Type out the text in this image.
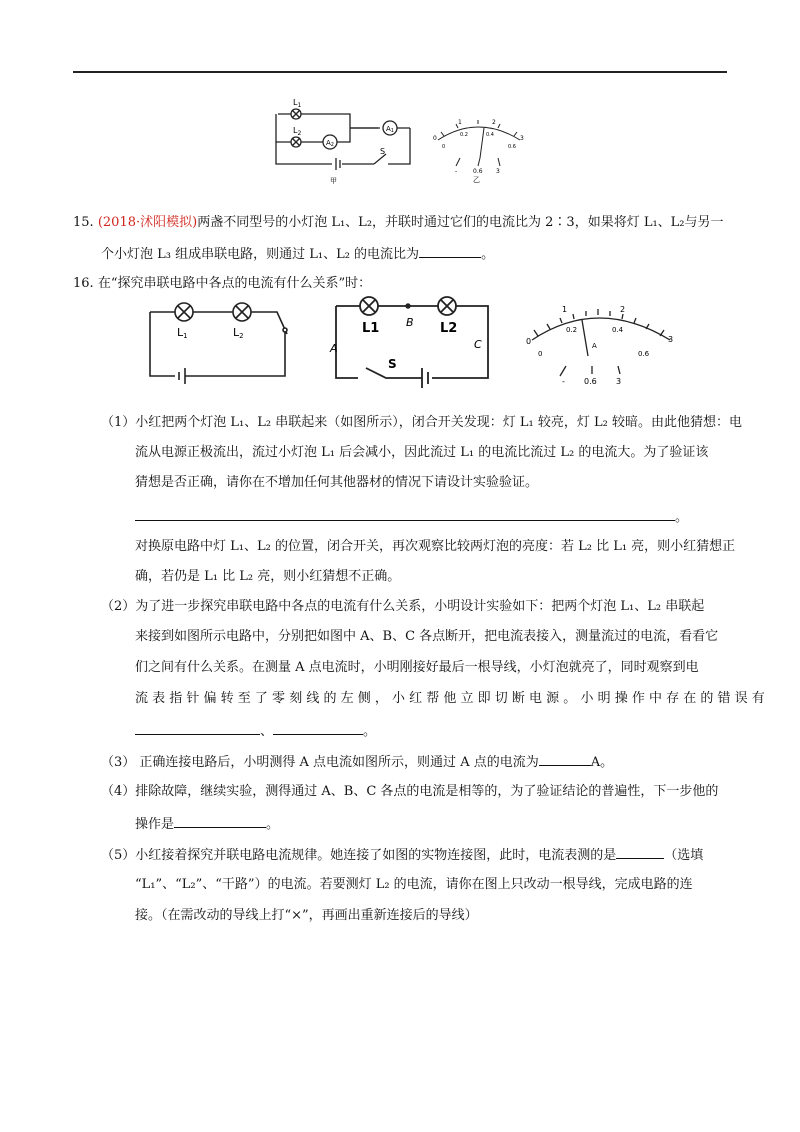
$L_1$
$L_2$
A2
A1
S
甲
0
1	2
3
0
0.2	0.4
0.6
-	0.6 3
乙
15. (2018·沭阳模拟)两盏不同型号的小灯泡 L₁、L₂，并联时通过它们的电流比为 2∶3，如果将灯 L₁、L₂与另一
个小灯泡 L₃ 组成串联电路，则通过 L₁、L₂ 的电流比为	。
16. 在“探究串联电路中各点的电流有什么关系”时：
L1	L2	L1	L2
B
A	C
S
0
1	2
3
0
0.2	0.4
0.6
A
- 0.6 3
（1）小红把两个灯泡 L₁、L₂ 串联起来（如图所示），闭合开关发现：灯 L₁ 较亮，灯 L₂ 较暗。由此他猜想：电
流从电源正极流出，流过小灯泡 L₁ 后会减小，因此流过 L₁ 的电流比流过 L₂ 的电流大。为了验证该
猜想是否正确，请你在不增加任何其他器材的情况下请设计实验验证。
。
对换原电路中灯 L₁、L₂ 的位置，闭合开关，再次观察比较两灯泡的亮度：若 L₂ 比 L₁ 亮，则小红猜想正
确，若仍是 L₁ 比 L₂ 亮，则小红猜想不正确。
（2）为了进一步探究串联电路中各点的电流有什么关系，小明设计实验如下：把两个灯泡 L₁、L₂ 串联起
来接到如图所示电路中，分别把如图中 A、B、C 各点断开，把电流表接入，测量流过的电流，看看它
们之间有什么关系。在测量 A 点电流时，小明刚接好最后一根导线，小灯泡就亮了，同时观察到电
流 表 指 针 偏 转 至 了 零 刻 线 的 左 侧 ， 小 红 帮 他 立 即 切 断 电 源 。 小 明 操 作 中 存 在 的 错 误 有
、	。
（3） 正确连接电路后，小明测得 A 点电流如图所示，则通过 A 点的电流为	A。
（4）排除故障，继续实验，测得通过 A、B、C 各点的电流是相等的，为了验证结论的普遍性，下一步他的
操作是	。
（5）小红接着探究并联电路电流规律。她连接了如图的实物连接图，此时，电流表测的是	（选填
“L₁”、“L₂”、“干路”）的电流。若要测灯 L₂ 的电流，请你在图上只改动一根导线，完成电路的连
接。（在需改动的导线上打“×”，再画出重新连接后的导线）
